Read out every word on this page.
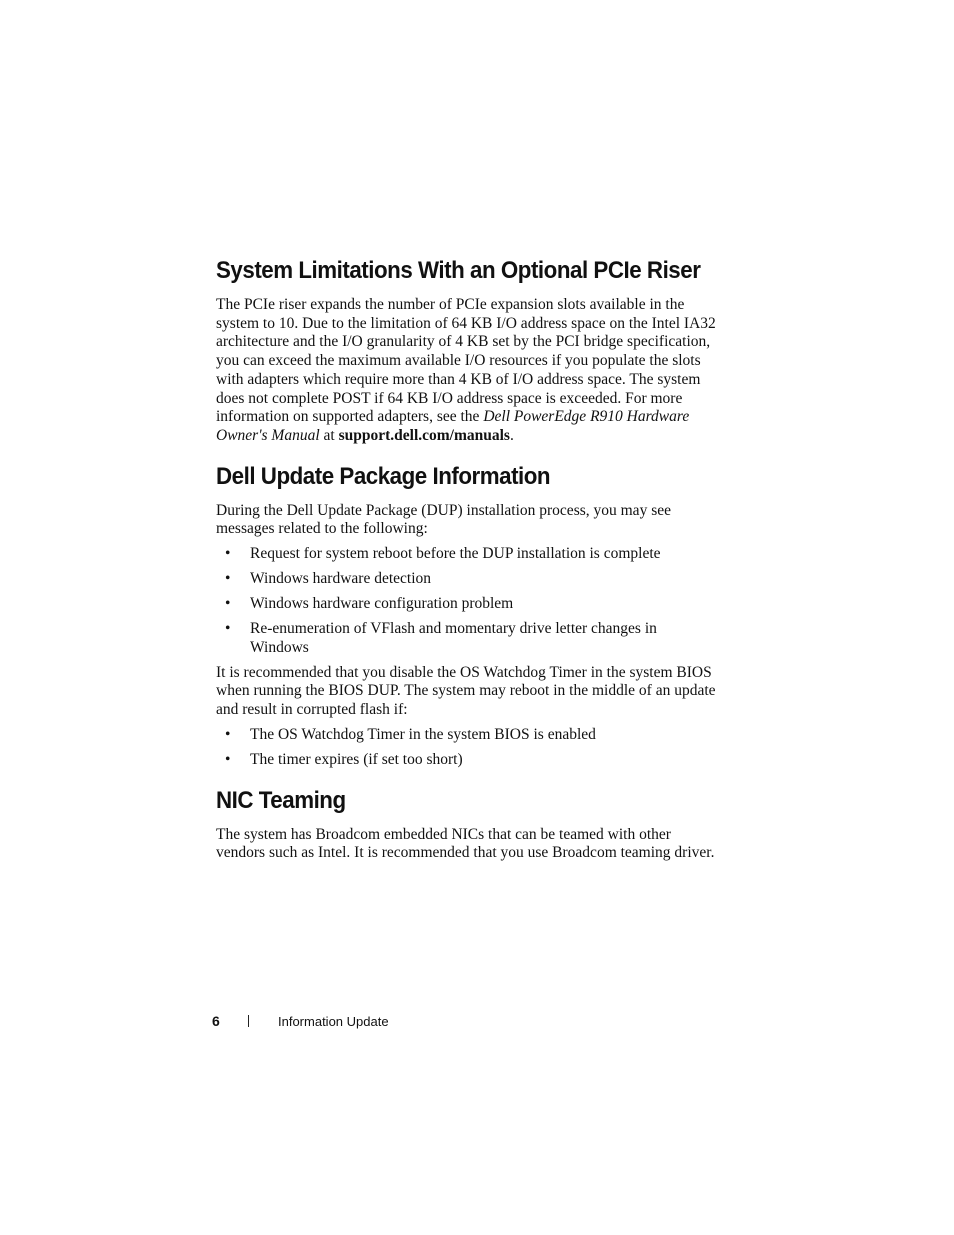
System Limitations With an Optional PCIe Riser

The PCIe riser expands the number of PCIe expansion slots available in the system to 10. Due to the limitation of 64 KB I/O address space on the Intel IA32 architecture and the I/O granularity of 4 KB set by the PCI bridge specification, you can exceed the maximum available I/O resources if you populate the slots with adapters which require more than 4 KB of I/O address space. The system does not complete POST if 64 KB I/O address space is exceeded. For more information on supported adapters, see the Dell PowerEdge R910 Hardware Owner's Manual at support.dell.com/manuals.

Dell Update Package Information

During the Dell Update Package (DUP) installation process, you may see messages related to the following:

• Request for system reboot before the DUP installation is complete
• Windows hardware detection
• Windows hardware configuration problem
• Re-enumeration of VFlash and momentary drive letter changes in Windows

It is recommended that you disable the OS Watchdog Timer in the system BIOS when running the BIOS DUP. The system may reboot in the middle of an update and result in corrupted flash if:

• The OS Watchdog Timer in the system BIOS is enabled
• The timer expires (if set too short)
NIC Teaming

The system has Broadcom embedded NICs that can be teamed with other vendors such as Intel. It is recommended that you use Broadcom teaming driver.

6	Information Update
